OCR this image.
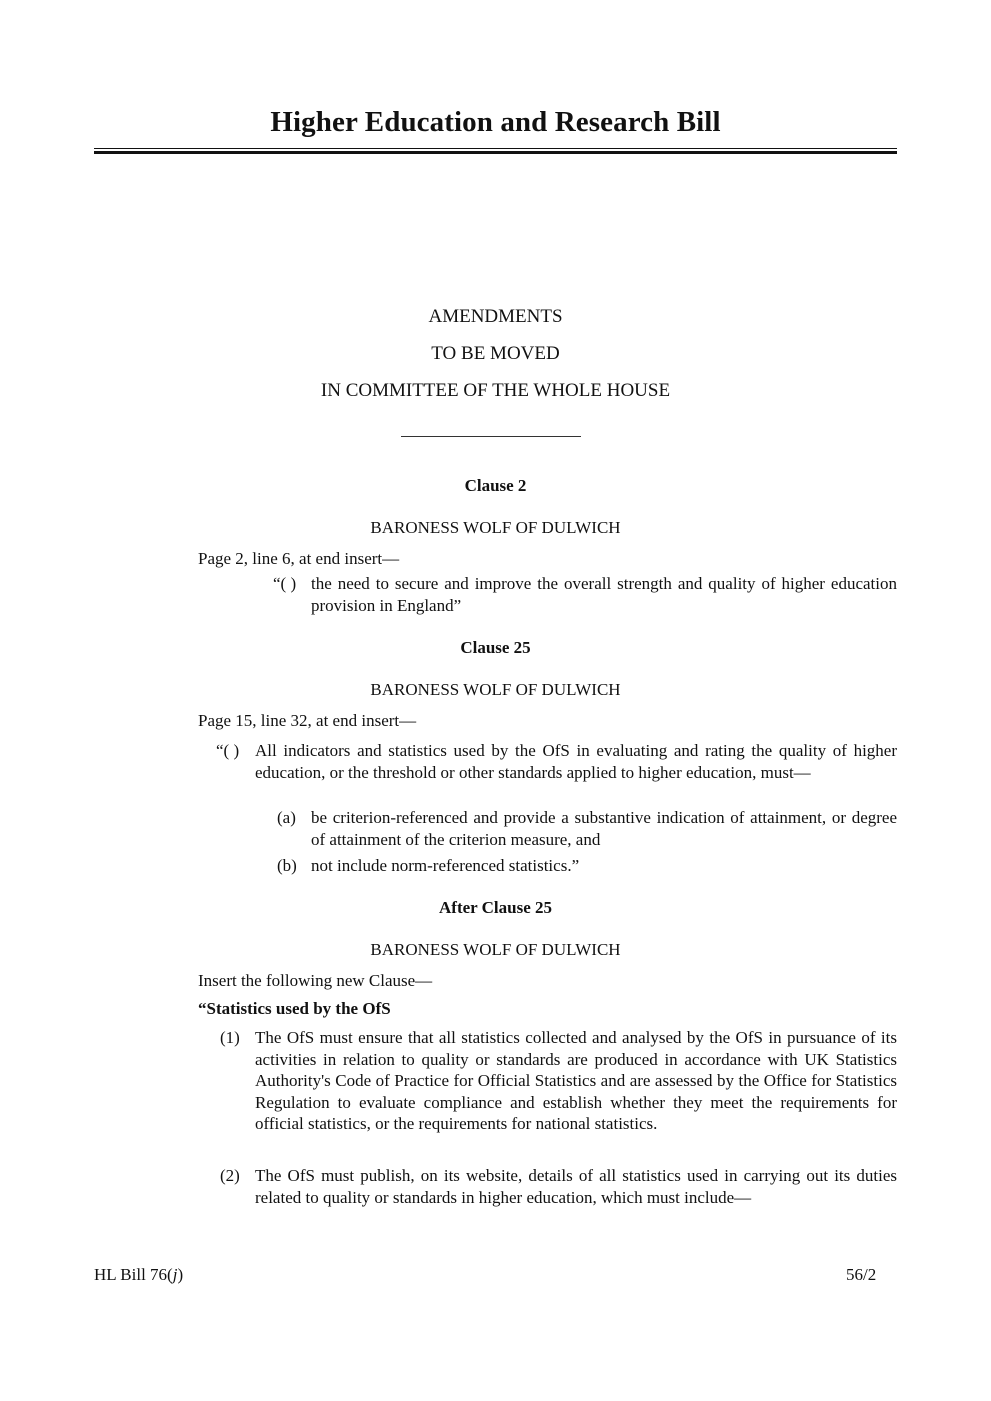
Higher Education and Research Bill
AMENDMENTS
TO BE MOVED
IN COMMITTEE OF THE WHOLE HOUSE
Clause 2
BARONESS WOLF OF DULWICH
Page 2, line 6, at end insert—
“( ) the need to secure and improve the overall strength and quality of higher education provision in England”
Clause 25
BARONESS WOLF OF DULWICH
Page 15, line 32, at end insert—
“( ) All indicators and statistics used by the OfS in evaluating and rating the quality of higher education, or the threshold or other standards applied to higher education, must—
(a) be criterion-referenced and provide a substantive indication of attainment, or degree of attainment of the criterion measure, and
(b) not include norm-referenced statistics.”
After Clause 25
BARONESS WOLF OF DULWICH
Insert the following new Clause—
“Statistics used by the OfS
(1) The OfS must ensure that all statistics collected and analysed by the OfS in pursuance of its activities in relation to quality or standards are produced in accordance with UK Statistics Authority's Code of Practice for Official Statistics and are assessed by the Office for Statistics Regulation to evaluate compliance and establish whether they meet the requirements for official statistics, or the requirements for national statistics.
(2) The OfS must publish, on its website, details of all statistics used in carrying out its duties related to quality or standards in higher education, which must include—
HL Bill 76(j)	56/2
